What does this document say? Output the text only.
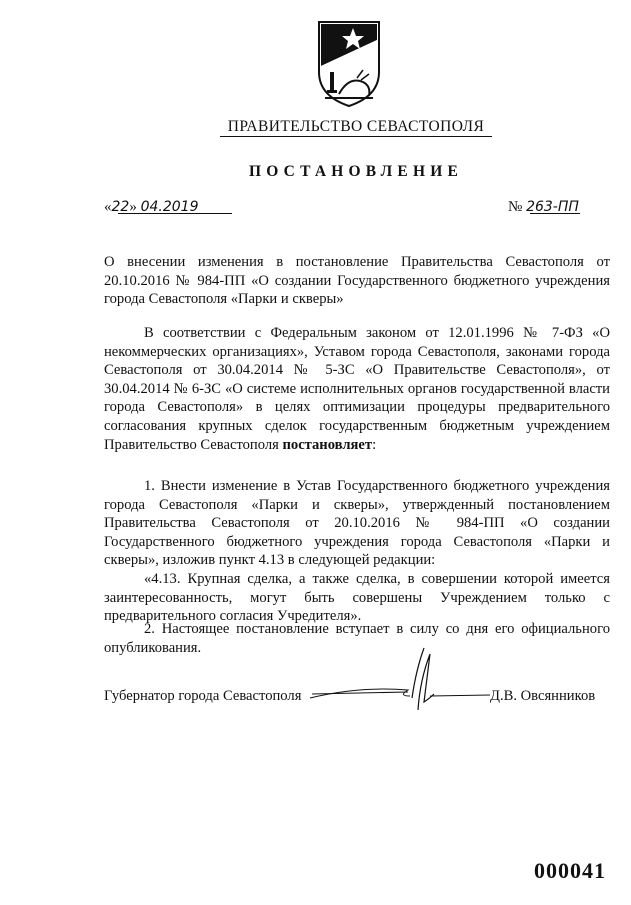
ПРАВИТЕЛЬСТВО СЕВАСТОПОЛЯ
ПОСТАНОВЛЕНИЕ
«22» 04.2019	№ 263-ПП
О внесении изменения в постановление Правительства Севастополя от 20.10.2016 № 984-ПП «О создании Государственного бюджетного учреждения города Севастополя «Парки и скверы»
В соответствии с Федеральным законом от 12.01.1996 № 7-ФЗ «О некоммерческих организациях», Уставом города Севастополя, законами города Севастополя от 30.04.2014 № 5-ЗС «О Правительстве Севастополя», от 30.04.2014 № 6-ЗС «О системе исполнительных органов государственной власти города Севастополя» в целях оптимизации процедуры предварительного согласования крупных сделок государственным бюджетным учреждением Правительство Севастополя постановляет:
1. Внести изменение в Устав Государственного бюджетного учреждения города Севастополя «Парки и скверы», утвержденный постановлением Правительства Севастополя от 20.10.2016 № 984-ПП «О создании Государственного бюджетного учреждения города Севастополя «Парки и скверы», изложив пункт 4.13 в следующей редакции:
«4.13. Крупная сделка, а также сделка, в совершении которой имеется заинтересованность, могут быть совершены Учреждением только с предварительного согласия Учредителя».
2. Настоящее постановление вступает в силу со дня его официального опубликования.
Губернатор города Севастополя	Д.В. Овсянников
000041
